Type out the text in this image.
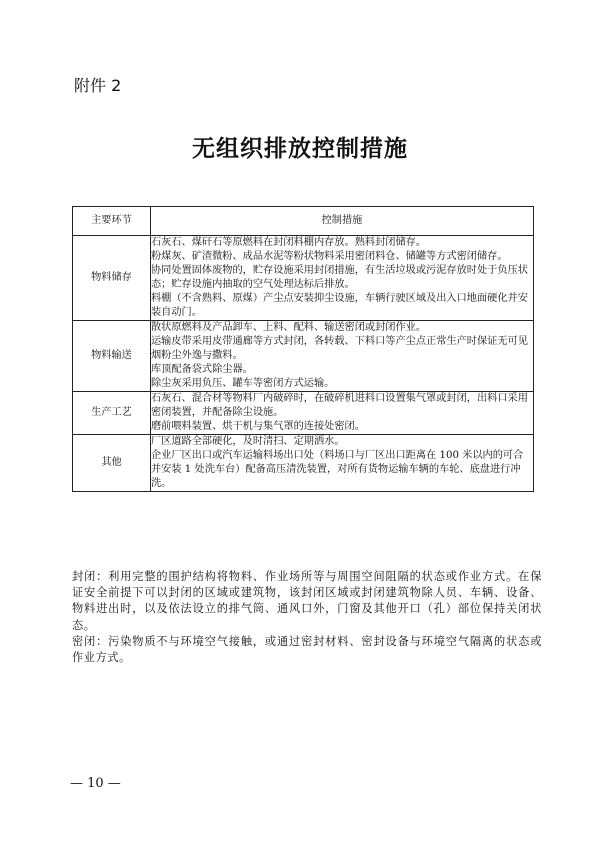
附件 2
无组织排放控制措施
主要环节	控制措施
物料储存	石灰石、煤矸石等原燃料在封闭料棚内存放。熟料封闭储存。

粉煤灰、矿渣微粉、成品水泥等粉状物料采用密闭料仓、储罐等方式密闭储存。

协同处置固体废物的，贮存设施采用封闭措施，有生活垃圾或污泥存放时处于负压状态；贮存设施内抽取的空气处理达标后排放。

料棚（不含熟料、原煤）产尘点安装抑尘设施，车辆行驶区域及出入口地面硬化并安装自动门。

物料输送	散状原燃料及产品卸车、上料、配料、输送密闭或封闭作业。

运输皮带采用皮带通廊等方式封闭，各转载、下料口等产尘点正常生产时保证无可见烟粉尘外逸与撒料。

库顶配备袋式除尘器。

除尘灰采用负压、罐车等密闭方式运输。

生产工艺	石灰石、混合材等物料厂内破碎时，在破碎机进料口设置集气罩或封闭，出料口采用密闭装置，并配备除尘设施。

磨前喂料装置、烘干机与集气罩的连接处密闭。

其他	厂区道路全部硬化，及时清扫、定期洒水。

企业厂区出口或汽车运输料场出口处（料场口与厂区出口距离在 100 米以内的可合并安装 1 处洗车台）配备高压清洗装置，对所有货物运输车辆的车轮、底盘进行冲洗。

封闭：利用完整的围护结构将物料、作业场所等与周围空间阻隔的状态或作业方式。在保证安全前提下可以封闭的区域或建筑物，该封闭区域或封闭建筑物除人员、车辆、设备、物料进出时，以及依法设立的排气筒、通风口外，门窗及其他开口（孔）部位保持关闭状态。

密闭：污染物质不与环境空气接触，或通过密封材料、密封设备与环境空气隔离的状态或作业方式。

— 10 —
